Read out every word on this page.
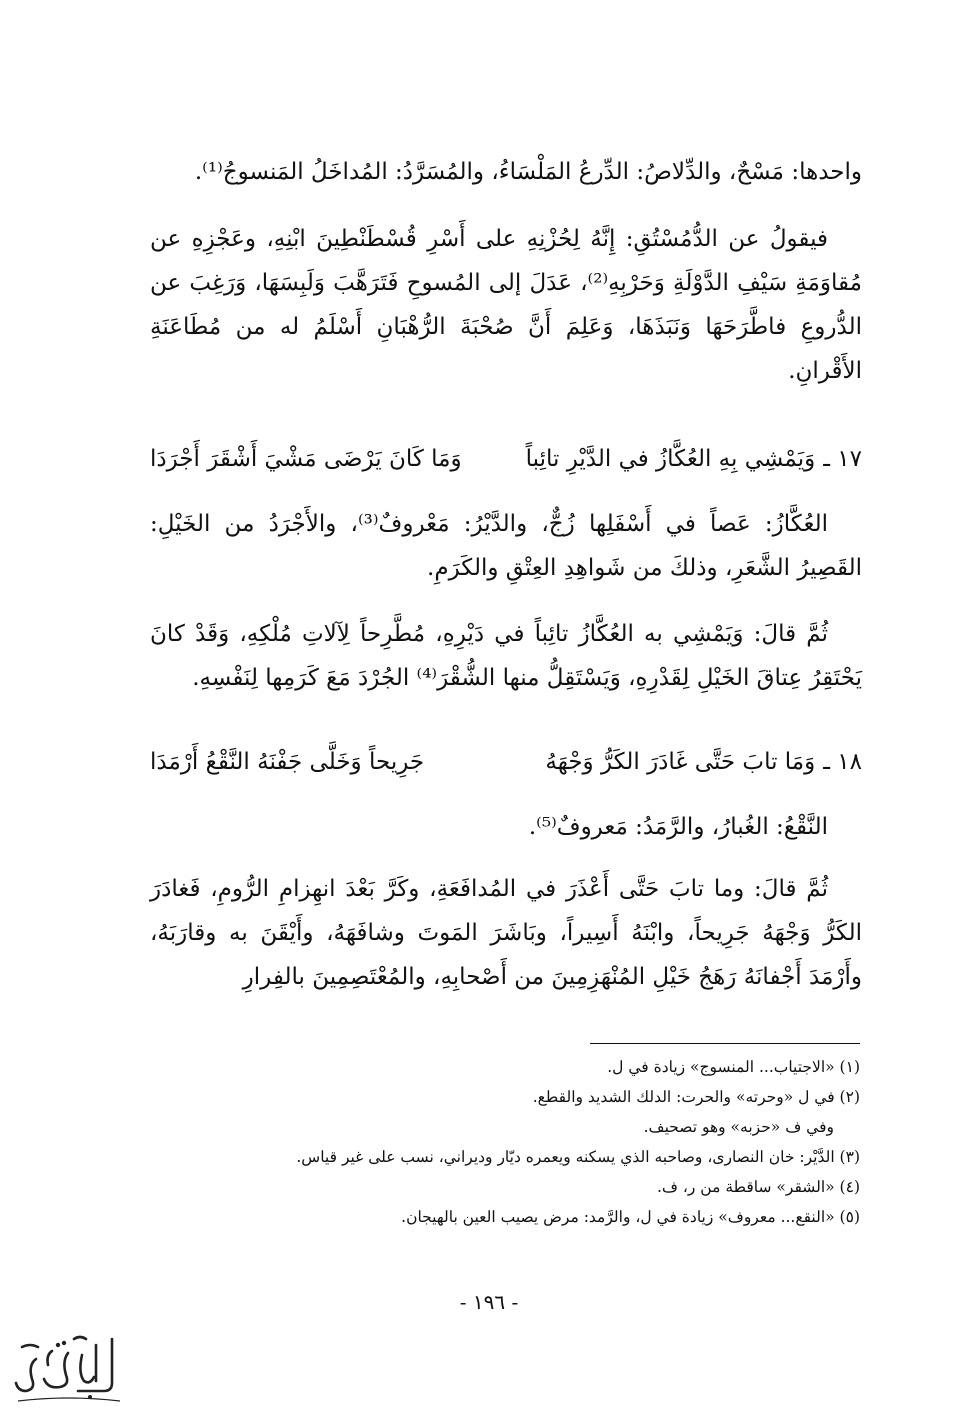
واحدها: مَسْحٌ، والدِّلاصُ: الدِّرعُ المَلْسَاءُ، والمُسَرَّدُ: المُداخَلُ المَنسوجُ⁽¹⁾.
فيقولُ عن الدُّمُسْتُقِ: إِنَّهُ لِحُزْنِهِ على أَسْرِ قُسْطَنْطِينَ ابْنِهِ، وعَجْزِهِ عن مُقاوَمَةِ سَيْفِ الدَّوْلَةِ وَحَرْبِهِ⁽²⁾، عَدَلَ إلى المُسوحِ فَتَرَهَّبَ وَلَبِسَهَا، وَرَغِبَ عن الدُّروعِ فاطَّرَحَهَا وَنَبَذَهَا، وَعَلِمَ أَنَّ صُحْبَةَ الرُّهْبَانِ أَسْلَمُ له من مُطَاعَنَةِ الأَقْرانِ.
١٧ ـ
وَيَمْشِي بِهِ العُكَّازُ في الدَّيْرِ تائِباً
وَمَا كَانَ يَرْضَى مَشْيَ أَشْقَرَ أَجْرَدَا
العُكَّازُ: عَصاً في أَسْفَلِها زُجٌّ، والدَّيْرُ: مَعْروفٌ⁽³⁾، والأَجْرَدُ من الخَيْلِ: القَصِيرُ الشَّعَرِ، وذلكَ من شَواهِدِ العِتْقِ والكَرَمِ.
ثُمَّ قالَ: وَيَمْشِي به العُكَّازُ تائِباً في دَيْرِهِ، مُطَّرِحاً لِآلاتِ مُلْكِهِ، وَقَدْ كانَ يَحْتَقِرُ عِتاقَ الخَيْلِ لِقَدْرِهِ، وَيَسْتَقِلُّ منها الشُّقْرَ⁽⁴⁾ الجُرْدَ مَعَ كَرَمِها لِنَفْسِهِ.
١٨ ـ
وَمَا تابَ حَتَّى غَادَرَ الكَرُّ وَجْهَهُ
جَرِيحاً وَخَلَّى جَفْنَهُ النَّقْعُ أَرْمَدَا
النَّقْعُ: الغُبارُ، والرَّمَدُ: مَعروفٌ⁽⁵⁾.
ثُمَّ قالَ: وما تابَ حَتَّى أَعْذَرَ في المُدافَعَةِ، وكَرَّ بَعْدَ انهِزامِ الرُّومِ، فَغادَرَ الكَرُّ وَجْهَهُ جَرِيحاً، وابْنَهُ أَسِيراً، وبَاشَرَ المَوتَ وشافَهَهُ، وأَيْقَنَ به وقارَبَهُ، وأَرْمَدَ أَجْفانَهُ رَهَجُ خَيْلِ المُنْهَزِمِينَ من أَصْحابِهِ، والمُعْتَصِمِينَ بالفِرارِ
(١) «الاجتياب... المنسوج» زيادة في ل.
(٢) في ل «وحرته» والحرت: الدلك الشديد والقطع.
وفي ف «حزبه» وهو تصحيف.
(٣) الدَّيْر: خان النصارى، وصاحبه الذي يسكنه ويعمره ديّار وديراني، نسب على غير قياس.
(٤) «الشقر» ساقطة من ر، ف.
(٥) «النقع... معروف» زيادة في ل، والرَّمد: مرض يصيب العين بالهيجان.
- ١٩٦ -
